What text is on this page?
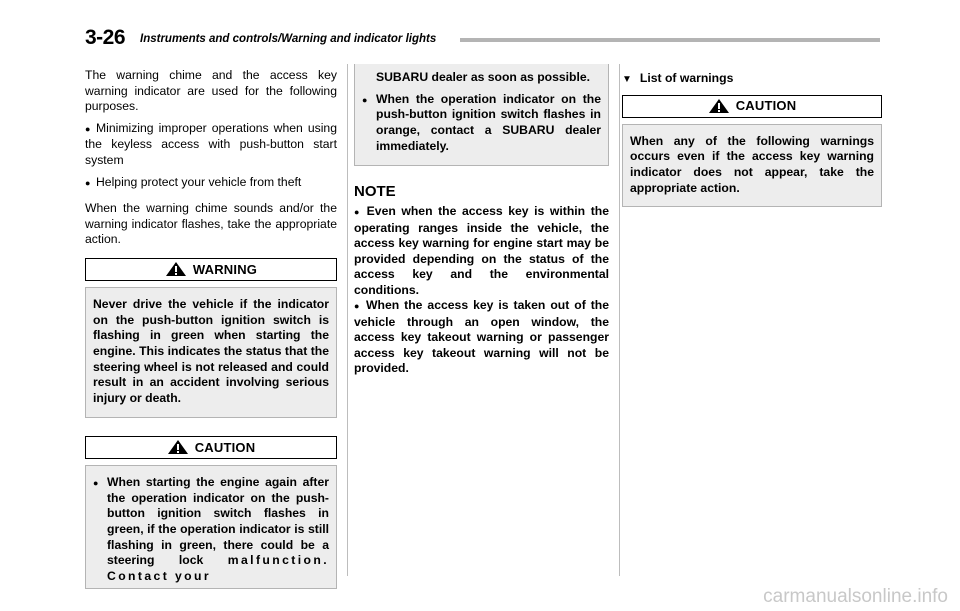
3-26 Instruments and controls/Warning and indicator lights

The warning chime and the access key warning indicator are used for the following purposes.

● Minimizing improper operations when using the keyless access with push-button start system

● Helping protect your vehicle from theft

When the warning chime sounds and/or the warning indicator flashes, take the appropriate action.

WARNING

Never drive the vehicle if the indicator on the push-button ignition switch is flashing in green when starting the engine. This indicates the status that the steering wheel is not released and could result in an accident involving serious injury or death.

CAUTION
● When starting the engine again after the operation indicator on the push-button ignition switch flashes in green, if the operation indicator is still flashing in green, there could be a steering lock malfunction. Contact your
SUBARU dealer as soon as possible.
● When the operation indicator on the push-button ignition switch flashes in orange, contact a SUBARU dealer immediately.
NOTE

● Even when the access key is within the operating ranges inside the vehicle, the access key warning for engine start may be provided depending on the status of the access key and the environmental conditions.

● When the access key is taken out of the vehicle through an open window, the access key takeout warning or passenger access key takeout warning will not be provided.

▼ List of warnings
CAUTION

When any of the following warnings occurs even if the access key warning indicator does not appear, take the appropriate action.

carmanualsonline.info
